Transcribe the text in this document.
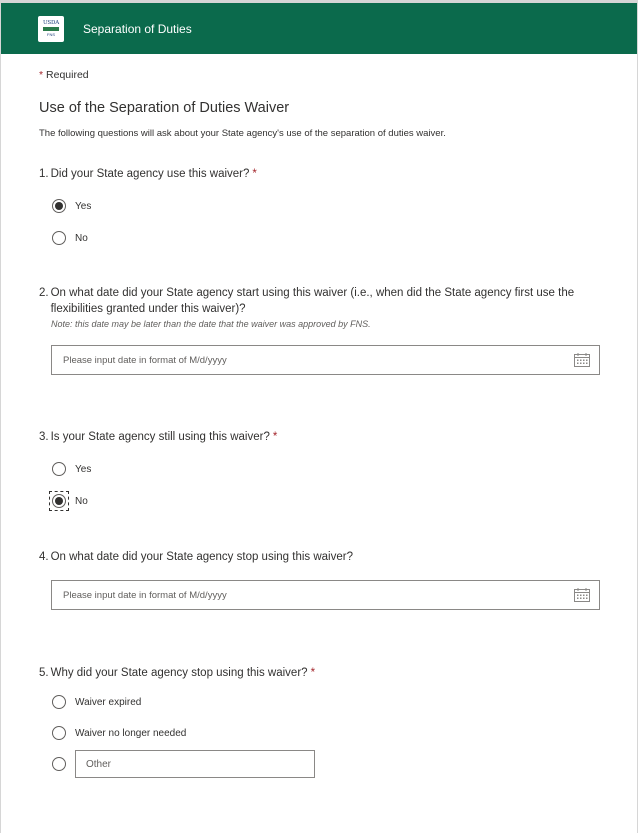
USDA
FNS Separation of Duties
* Required
Use of the Separation of Duties Waiver

The following questions will ask about your State agency's use of the separation of duties waiver.

1. Did your State agency use this waiver? *
Yes
No
2. On what date did your State agency start using this waiver (i.e., when did the State agency first use the flexibilities granted under this waiver)?
Note: this date may be later than the date that the waiver was approved by FNS.
Please input date in format of M/d/yyyy
3. Is your State agency still using this waiver? *
Yes
No
4. On what date did your State agency stop using this waiver?
Please input date in format of M/d/yyyy
5. Why did your State agency stop using this waiver? *
Waiver expired
Waiver no longer needed
Other
